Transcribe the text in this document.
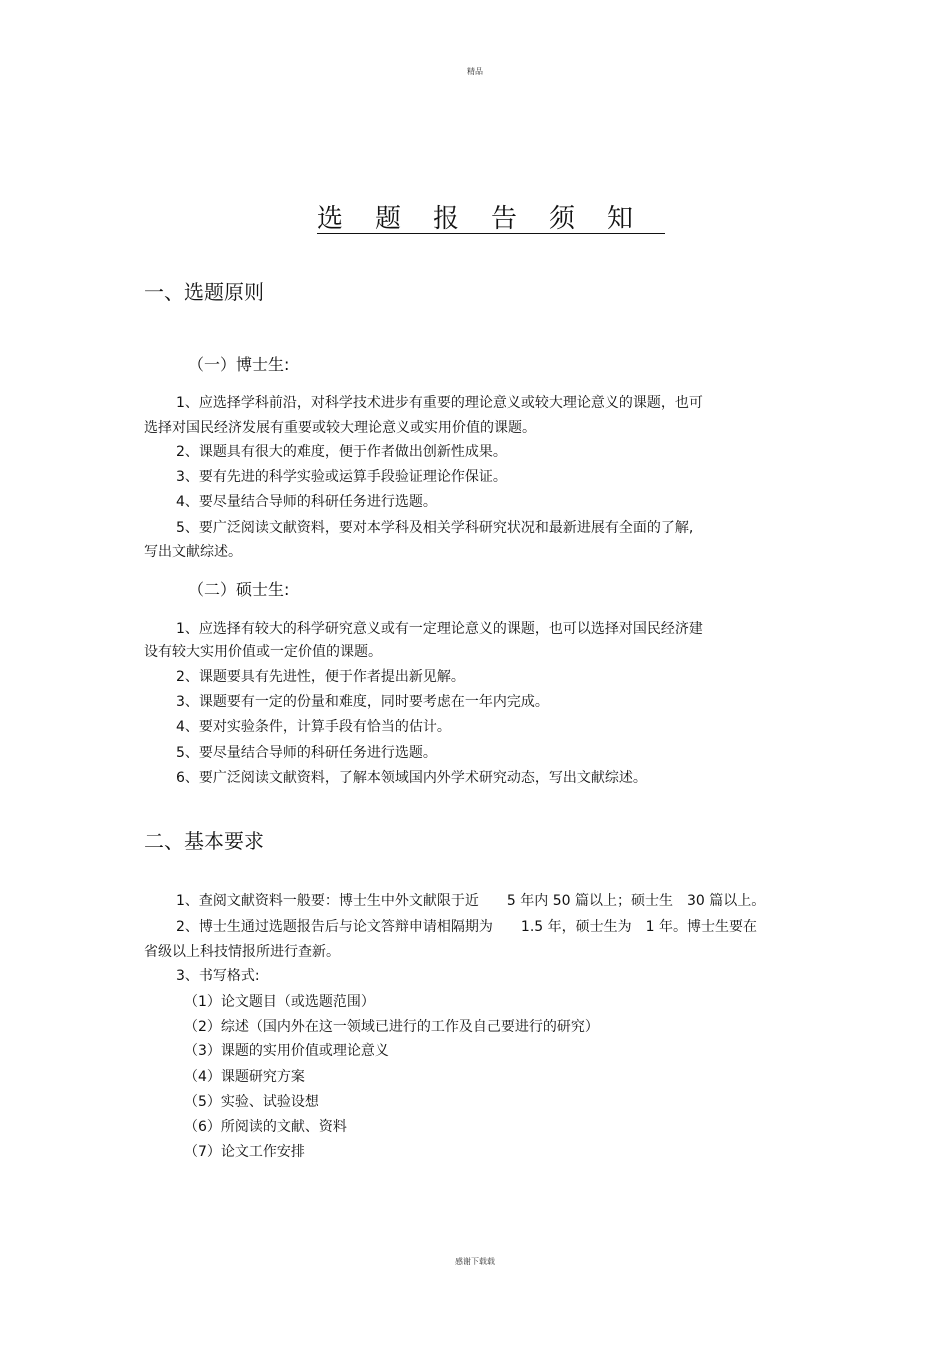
精品
选题报告须知
一、选题原则
（一）博士生:
1、应选择学科前沿，对科学技术进步有重要的理论意义或较大理论意义的课题，也可
选择对国民经济发展有重要或较大理论意义或实用价值的课题。
2、课题具有很大的难度，便于作者做出创新性成果。
3、要有先进的科学实验或运算手段验证理论作保证。
4、要尽量结合导师的科研任务进行选题。
5、要广泛阅读文献资料，要对本学科及相关学科研究状况和最新进展有全面的了解,
写出文献综述。
（二）硕士生:
1、应选择有较大的科学研究意义或有一定理论意义的课题，也可以选择对国民经济建
设有较大实用价值或一定价值的课题。
2、课题要具有先进性，便于作者提出新见解。
3、课题要有一定的份量和难度，同时要考虑在一年内完成。
4、要对实验条件，计算手段有恰当的估计。
5、要尽量结合导师的科研任务进行选题。
6、要广泛阅读文献资料，了解本领域国内外学术研究动态，写出文献综述。
二、基本要求
1、查阅文献资料一般要：博士生中外文献限于近　　5 年内 50 篇以上；硕士生　30 篇以上。
2、博士生通过选题报告后与论文答辩申请相隔期为　　1.5 年，硕士生为　1 年。博士生要在
省级以上科技情报所进行查新。
3、书写格式:
（1）论文题目（或选题范围）
（2）综述（国内外在这一领域已进行的工作及自己要进行的研究）
（3）课题的实用价值或理论意义
（4）课题研究方案
（5）实验、试验设想
（6）所阅读的文献、资料
（7）论文工作安排
感谢下载载
